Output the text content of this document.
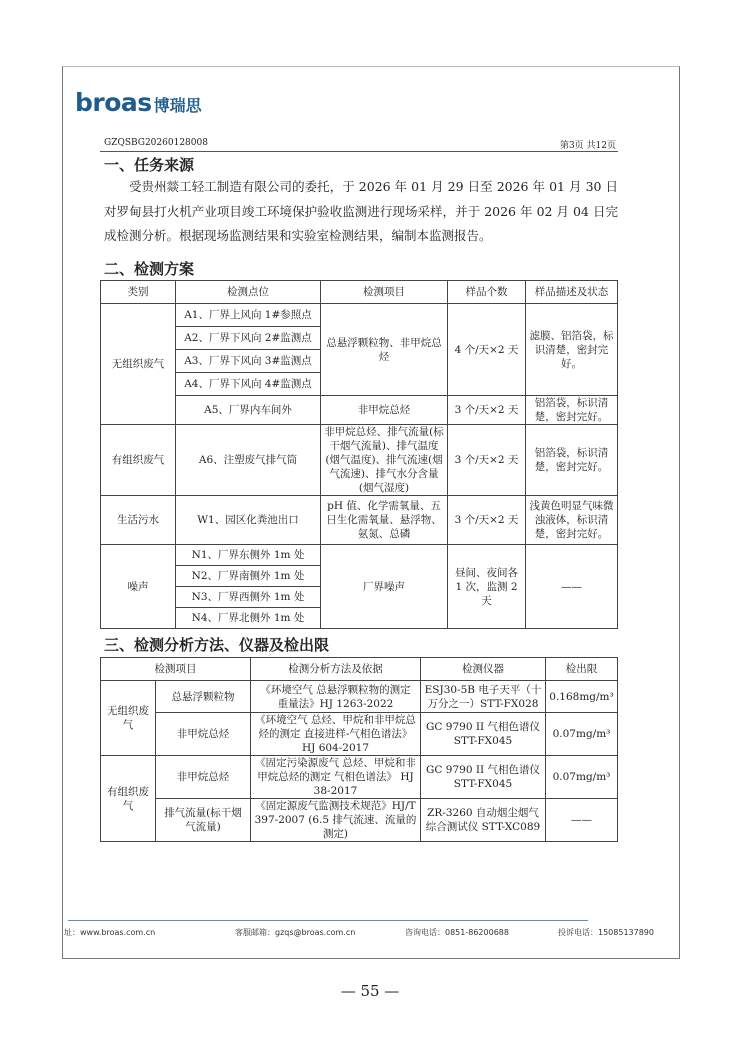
broas 博瑞思
GZQSBG20260128008	第3页 共12页
一、任务来源
受贵州燚工轻工制造有限公司的委托，于 2026 年 01 月 29 日至 2026 年 01 月 30 日对罗甸县打火机产业项目竣工环境保护验收监测进行现场采样，并于 2026 年 02 月 04 日完成检测分析。根据现场监测结果和实验室检测结果，编制本监测报告。
二、检测方案
类别	检测点位	检测项目	样品个数	样品描述及状态
无组织废气	A1、厂界上风向 1#参照点	总悬浮颗粒物、非甲烷总烃	4 个/天×2 天	滤膜、铝箔袋，标识清楚，密封完好。
	A2、厂界下风向 2#监测点			
	A3、厂界下风向 3#监测点			
	A4、厂界下风向 4#监测点			
	A5、厂界内车间外	非甲烷总烃	3 个/天×2 天	铝箔袋，标识清楚，密封完好。
有组织废气	A6、注塑废气排气筒	非甲烷总烃、排气流量(标干烟气流量)、排气温度(烟气温度)、排气流速(烟气流速)、排气水分含量(烟气湿度)	3 个/天×2 天	铝箔袋，标识清楚，密封完好。
生活污水	W1、园区化粪池出口	pH 值、化学需氧量、五日生化需氧量、悬浮物、氨氮、总磷	3 个/天×2 天	浅黄色明显气味微浊液体，标识清楚，密封完好。
噪声	N1、厂界东侧外 1m 处	厂界噪声	昼间、夜间各 1 次，监测 2 天	——
	N2、厂界南侧外 1m 处			
	N3、厂界西侧外 1m 处			
	N4、厂界北侧外 1m 处			
三、检测分析方法、仪器及检出限
检测项目		检测分析方法及依据	检测仪器	检出限
无组织废气	总悬浮颗粒物	《环境空气 总悬浮颗粒物的测定 重量法》HJ 1263-2022	ESJ30-5B 电子天平（十万分之一）STT-FX028	0.168mg/m³
	非甲烷总烃	《环境空气 总烃、甲烷和非甲烷总烃的测定 直接进样-气相色谱法》HJ 604-2017	GC 9790 II 气相色谱仪 STT-FX045	0.07mg/m³
有组织废气	非甲烷总烃	《固定污染源废气 总烃、甲烷和非甲烷总烃的测定 气相色谱法》 HJ 38-2017	GC 9790 II 气相色谱仪 STT-FX045	0.07mg/m³
	排气流量(标干烟气流量)	《固定源废气监测技术规范》HJ/T 397-2007 (6.5 排气流速、流量的测定)	ZR-3260 自动烟尘烟气综合测试仪 STT-XC089	——
址：www.broas.com.cn	客服邮箱：gzqs@broas.com.cn	咨询电话：0851-86200688	投诉电话：15085137890
— 55 —
